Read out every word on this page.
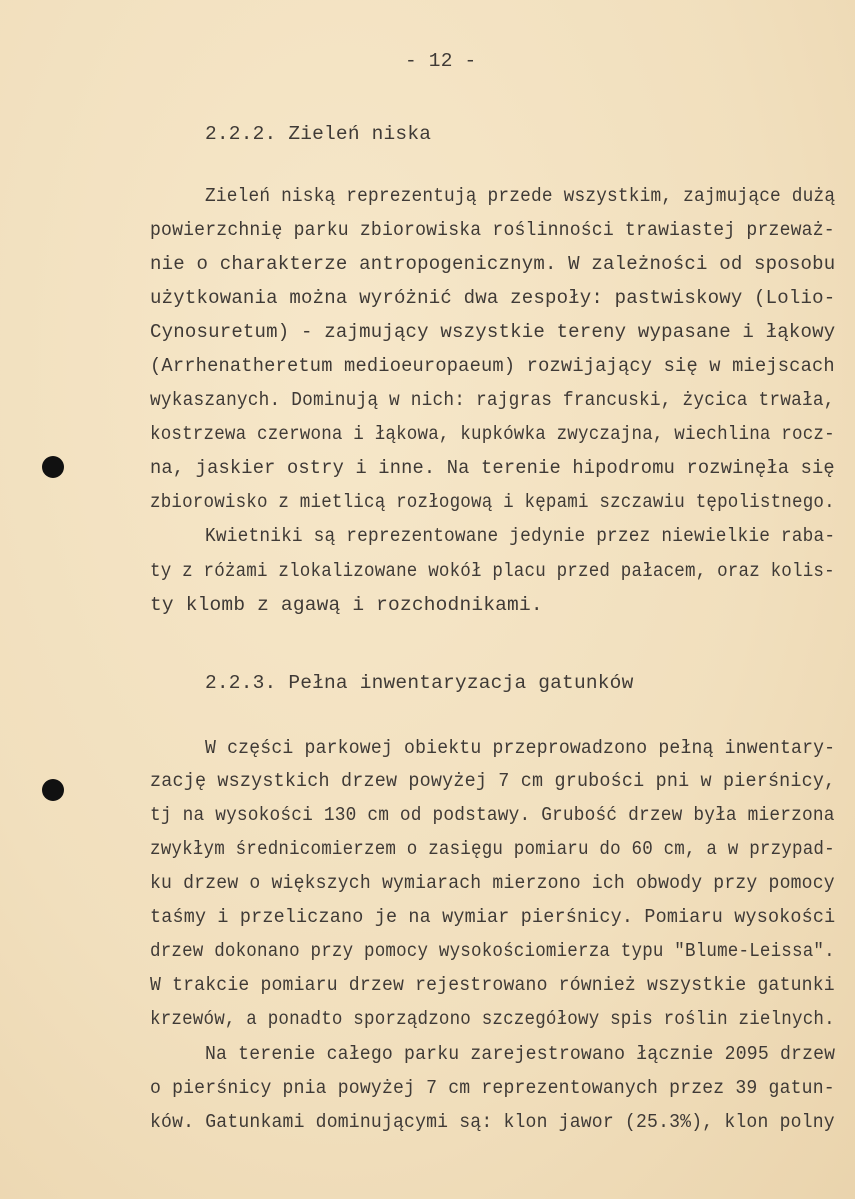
- 12 -
2.2.2. Zieleń niska
Zieleń niską reprezentują przede wszystkim, zajmujące dużą
powierzchnię parku zbiorowiska roślinności trawiastej przeważ-
nie o charakterze antropogenicznym. W zależności od sposobu
użytkowania można wyróżnić dwa zespoły: pastwiskowy (Lolio-
Cynosuretum) - zajmujący wszystkie tereny wypasane i łąkowy
(Arrhenatheretum medioeuropaeum) rozwijający się w miejscach
wykaszanych. Dominują w nich: rajgras francuski, życica trwała,
kostrzewa czerwona i łąkowa, kupkówka zwyczajna, wiechlina rocz-
na, jaskier ostry i inne. Na terenie hipodromu rozwinęła się
zbiorowisko z mietlicą rozłogową i kępami szczawiu tępolistnego.
Kwietniki są reprezentowane jedynie przez niewielkie raba-
ty z różami zlokalizowane wokół placu przed pałacem, oraz kolis-
ty klomb z agawą i rozchodnikami.
2.2.3. Pełna inwentaryzacja gatunków
W części parkowej obiektu przeprowadzono pełną inwentary-
zację wszystkich drzew powyżej 7 cm grubości pni w pierśnicy,
tj na wysokości 130 cm od podstawy. Grubość drzew była mierzona
zwykłym średnicomierzem o zasięgu pomiaru do 60 cm, a w przypad-
ku drzew o większych wymiarach mierzono ich obwody przy pomocy
taśmy i przeliczano je na wymiar pierśnicy. Pomiaru wysokości
drzew dokonano przy pomocy wysokościomierza typu "Blume-Leissa".
W trakcie pomiaru drzew rejestrowano również wszystkie gatunki
krzewów, a ponadto sporządzono szczegółowy spis roślin zielnych.
Na terenie całego parku zarejestrowano łącznie 2095 drzew
o pierśnicy pnia powyżej 7 cm reprezentowanych przez 39 gatun-
ków. Gatunkami dominującymi są: klon jawor (25.3%), klon polny
